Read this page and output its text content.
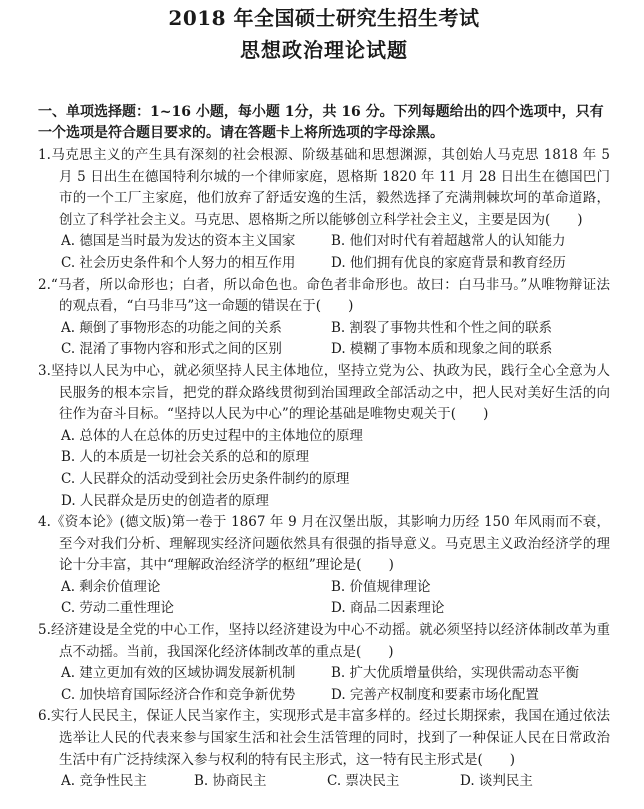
2018 年全国硕士研究生招生考试
思想政治理论试题
一、单项选择题：1~16 小题，每小题 1分，共 16 分。下列每题给出的四个选项中，只有一个选项是符合题目要求的。请在答题卡上将所选项的字母涂黑。
1.马克思主义的产生具有深刻的社会根源、阶级基础和思想渊源，其创始人马克思 1818 年 5 月 5 日出生在德国特利尔城的一个律师家庭，恩格斯 1820 年 11 月 28 日出生在德国巴门市的一个工厂主家庭，他们放弃了舒适安逸的生活，毅然选择了充满荆棘坎坷的革命道路，创立了科学社会主义。马克思、恩格斯之所以能够创立科学社会主义，主要是因为(　　)
A. 德国是当时最为发达的资本主义国家	B. 他们对时代有着超越常人的认知能力
C. 社会历史条件和个人努力的相互作用	D. 他们拥有优良的家庭背景和教育经历
2.“马者，所以命形也；白者，所以命色也。命色者非命形也。故曰：白马非马。”从唯物辩证法的观点看，“白马非马”这一命题的错误在于(　　)
A. 颠倒了事物形态的功能之间的关系	B. 割裂了事物共性和个性之间的联系
C. 混淆了事物内容和形式之间的区别	D. 模糊了事物本质和现象之间的联系
3.坚持以人民为中心，就必须坚持人民主体地位，坚持立党为公、执政为民，践行全心全意为人民服务的根本宗旨，把党的群众路线贯彻到治国理政全部活动之中，把人民对美好生活的向往作为奋斗目标。“坚持以人民为中心”的理论基础是唯物史观关于(　　)
A. 总体的人在总体的历史过程中的主体地位的原理
B. 人的本质是一切社会关系的总和的原理
C. 人民群众的活动受到社会历史条件制约的原理
D. 人民群众是历史的创造者的原理
4.《资本论》(德文版)第一卷于 1867 年 9 月在汉堡出版，其影响力历经 150 年风雨而不衰，至今对我们分析、理解现实经济问题依然具有很强的指导意义。马克思主义政治经济学的理论十分丰富，其中“理解政治经济学的枢纽”理论是(　　)
A. 剩余价值理论	B. 价值规律理论
C. 劳动二重性理论	D. 商品二因素理论
5.经济建设是全党的中心工作，坚持以经济建设为中心不动摇。就必须坚持以经济体制改革为重点不动摇。当前，我国深化经济体制改革的重点是(　　)
A. 建立更加有效的区域协调发展新机制	B. 扩大优质增量供给，实现供需动态平衡
C. 加快培育国际经济合作和竞争新优势	D. 完善产权制度和要素市场化配置
6.实行人民民主，保证人民当家作主，实现形式是丰富多样的。经过长期探索，我国在通过依法选举让人民的代表来参与国家生活和社会生活管理的同时，找到了一种保证人民在日常政治生活中有广泛持续深入参与权利的特有民主形式，这一特有民主形式是(　　)
A. 竞争性民主	B. 协商民主	C. 票决民主	D. 谈判民主
